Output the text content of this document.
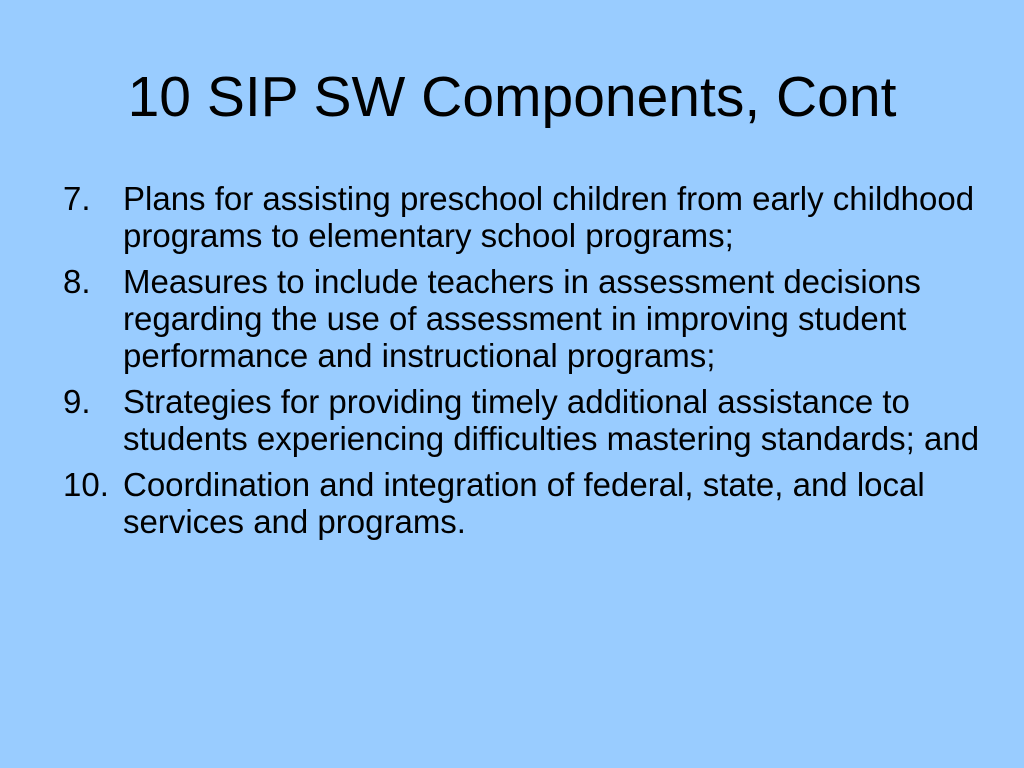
10 SIP SW Components, Cont
7. Plans for assisting preschool children from early childhood programs to elementary school programs;
8. Measures to include teachers in assessment decisions regarding the use of assessment in improving student performance and instructional programs;
9. Strategies for providing timely additional assistance to students experiencing difficulties mastering standards; and
10. Coordination and integration of federal, state, and local services and programs.
